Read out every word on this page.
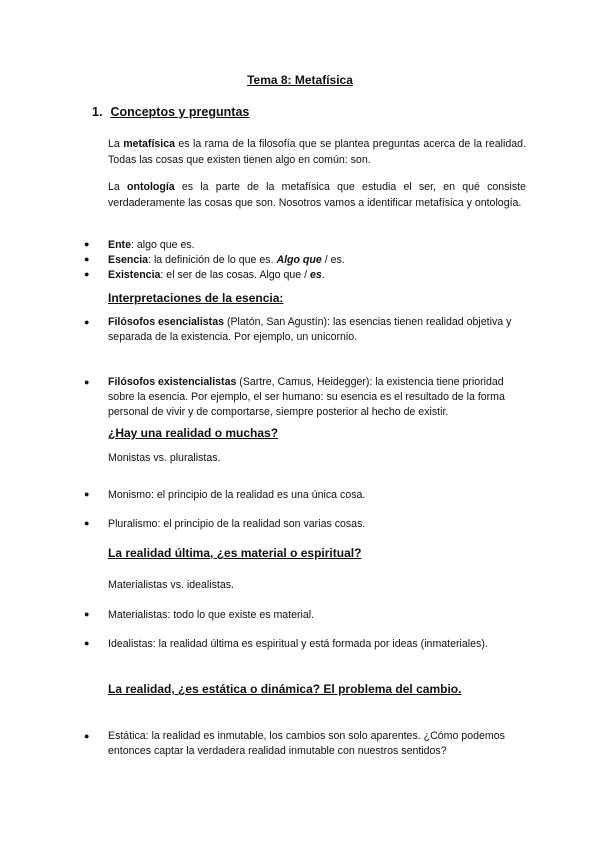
Tema 8: Metafísica
1. Conceptos y preguntas
La metafísica es la rama de la filosofía que se plantea preguntas acerca de la realidad. Todas las cosas que existen tienen algo en común: son.
La ontología es la parte de la metafísica que estudia el ser, en qué consiste verdaderamente las cosas que son. Nosotros vamos a identificar metafísica y ontología.
● Ente: algo que es.
● Esencia: la definición de lo que es. Algo que / es.
● Existencia: el ser de las cosas. Algo que / es.
Interpretaciones de la esencia:
● Filósofos esencialistas (Platón, San Agustín): las esencias tienen realidad objetiva y separada de la existencia. Por ejemplo, un unicornio.
● Filósofos existencialistas (Sartre, Camus, Heidegger): la existencia tiene prioridad sobre la esencia. Por ejemplo, el ser humano: su esencia es el resultado de la forma personal de vivir y de comportarse, siempre posterior al hecho de existir.
¿Hay una realidad o muchas?
Monistas vs. pluralistas.
● Monismo: el principio de la realidad es una única cosa.
● Pluralismo: el principio de la realidad son varias cosas.
La realidad última, ¿es material o espiritual?
Materialistas vs. idealistas.
● Materialistas: todo lo que existe es material.
● Idealistas: la realidad última es espiritual y está formada por ideas (inmateriales).
La realidad, ¿es estática o dinámica? El problema del cambio.
● Estática: la realidad es inmutable, los cambios son solo aparentes. ¿Cómo podemos entonces captar la verdadera realidad inmutable con nuestros sentidos?
